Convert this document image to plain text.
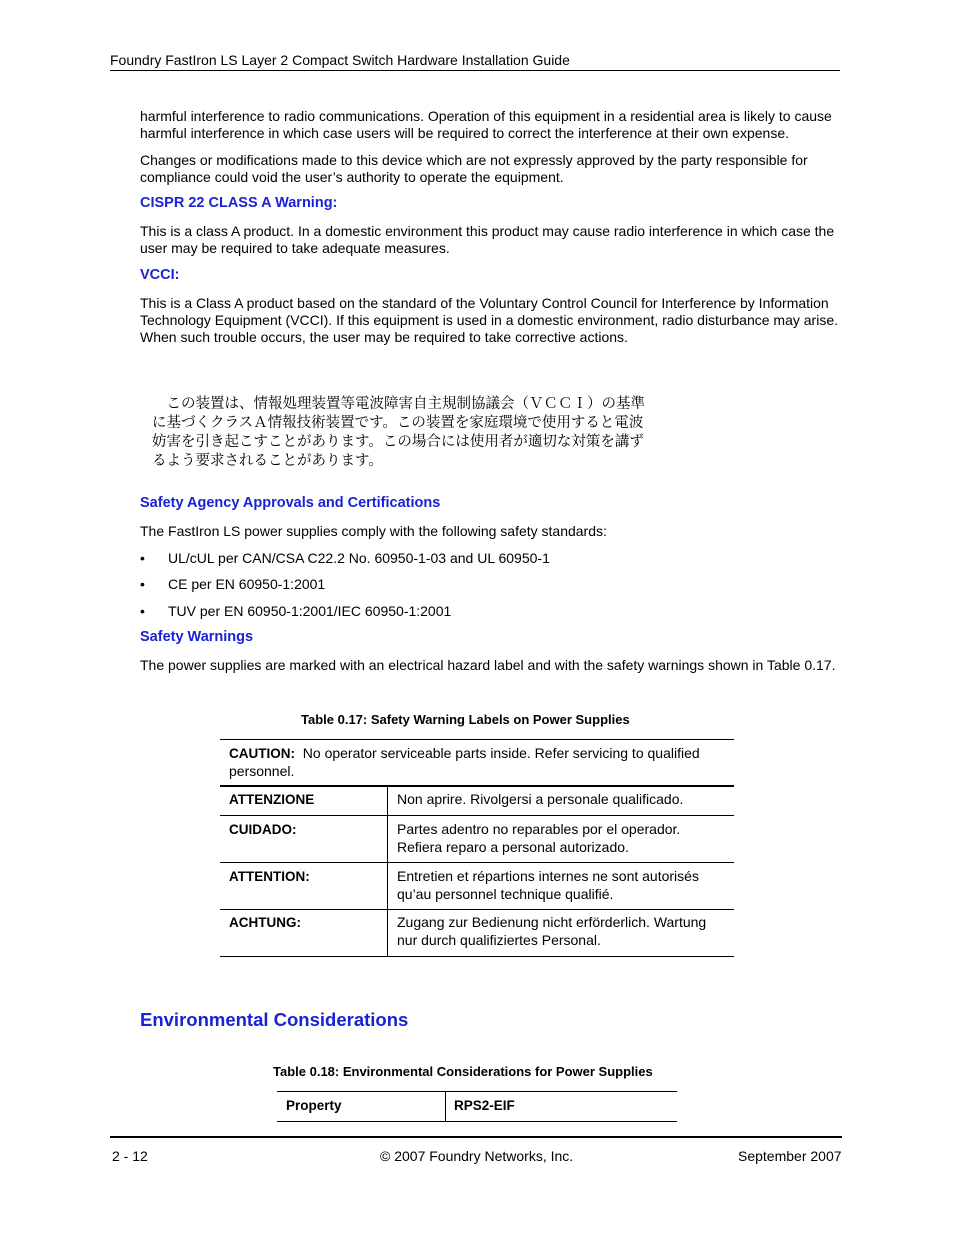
Foundry FastIron LS Layer 2 Compact Switch Hardware Installation Guide
harmful interference to radio communications. Operation of this equipment in a residential area is likely to cause
harmful interference in which case users will be required to correct the interference at their own expense.
Changes or modifications made to this device which are not expressly approved by the party responsible for
compliance could void the user’s authority to operate the equipment.
CISPR 22 CLASS A Warning:
This is a class A product. In a domestic environment this product may cause radio interference in which case the
user may be required to take adequate measures.
VCCI:
This is a Class A product based on the standard of the Voluntary Control Council for Interference by Information
Technology Equipment (VCCI). If this equipment is used in a domestic environment, radio disturbance may arise.
When such trouble occurs, the user may be required to take corrective actions.
　この装置は、情報処理装置等電波障害自主規制協議会（ＶＣＣＩ）の基準
に基づくクラスＡ情報技術装置です。この装置を家庭環境で使用すると電波
妨害を引き起こすことがあります。この場合には使用者が適切な対策を講ず
るよう要求されることがあります。
Safety Agency Approvals and Certifications
The FastIron LS power supplies comply with the following safety standards:
• UL/cUL per CAN/CSA C22.2 No. 60950-1-03 and UL 60950-1
• CE per EN 60950-1:2001
• TUV per EN 60950-1:2001/IEC 60950-1:2001
Safety Warnings
The power supplies are marked with an electrical hazard label and with the safety warnings shown in Table 0.17.
Table 0.17: Safety Warning Labels on Power Supplies
CAUTION: No operator serviceable parts inside. Refer servicing to qualified
personnel.
ATTENZIONE	Non aprire. Rivolgersi a personale qualificado.
CUIDADO:	Partes adentro no reparables por el operador.
Refiera reparo a personal autorizado.
ATTENTION:	Entretien et répartions internes ne sont autorisés
qu’au personnel technique qualifié.
ACHTUNG:	Zugang zur Bedienung nicht erförderlich. Wartung
nur durch qualifiziertes Personal.
Environmental Considerations
Table 0.18: Environmental Considerations for Power Supplies
Property	RPS2-EIF
2 - 12	© 2007 Foundry Networks, Inc.	September 2007
